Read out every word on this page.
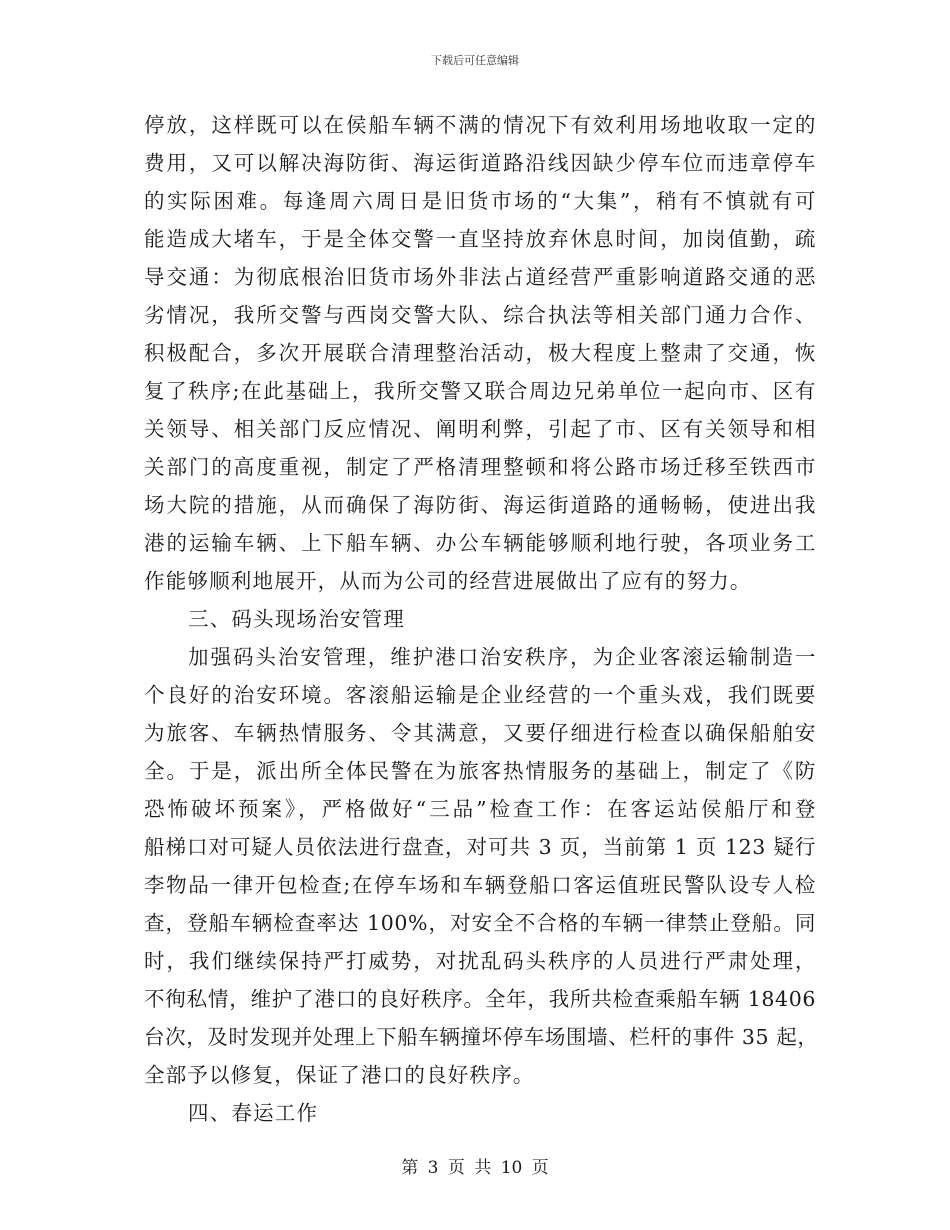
下载后可任意编辑
停放，这样既可以在侯船车辆不满的情况下有效利用场地收取一定的
费用，又可以解决海防街、海运街道路沿线因缺少停车位而违章停车
的实际困难。每逢周六周日是旧货市场的“大集”，稍有不慎就有可
能造成大堵车，于是全体交警一直坚持放弃休息时间，加岗值勤，疏
导交通：为彻底根治旧货市场外非法占道经营严重影响道路交通的恶
劣情况，我所交警与西岗交警大队、综合执法等相关部门通力合作、
积极配合，多次开展联合清理整治活动，极大程度上整肃了交通，恢
复了秩序;在此基础上，我所交警又联合周边兄弟单位一起向市、区有
关领导、相关部门反应情况、阐明利弊，引起了市、区有关领导和相
关部门的高度重视，制定了严格清理整顿和将公路市场迁移至铁西市
场大院的措施，从而确保了海防街、海运街道路的通畅畅，使进出我
港的运输车辆、上下船车辆、办公车辆能够顺利地行驶，各项业务工
作能够顺利地展开，从而为公司的经营进展做出了应有的努力。
三、码头现场治安管理
加强码头治安管理，维护港口治安秩序，为企业客滚运输制造一
个良好的治安环境。客滚船运输是企业经营的一个重头戏，我们既要
为旅客、车辆热情服务、令其满意，又要仔细进行检查以确保船舶安
全。于是，派出所全体民警在为旅客热情服务的基础上，制定了《防
恐怖破坏预案》，严格做好“三品”检查工作：在客运站侯船厅和登
船梯口对可疑人员依法进行盘查，对可共 3 页，当前第 1 页 123 疑行
李物品一律开包检查;在停车场和车辆登船口客运值班民警队设专人检
查，登船车辆检查率达 100%，对安全不合格的车辆一律禁止登船。同
时，我们继续保持严打威势，对扰乱码头秩序的人员进行严肃处理，
不徇私情，维护了港口的良好秩序。全年，我所共检查乘船车辆 18406
台次，及时发现并处理上下船车辆撞坏停车场围墙、栏杆的事件 35 起，
全部予以修复，保证了港口的良好秩序。
四、春运工作
第 3 页 共 10 页
